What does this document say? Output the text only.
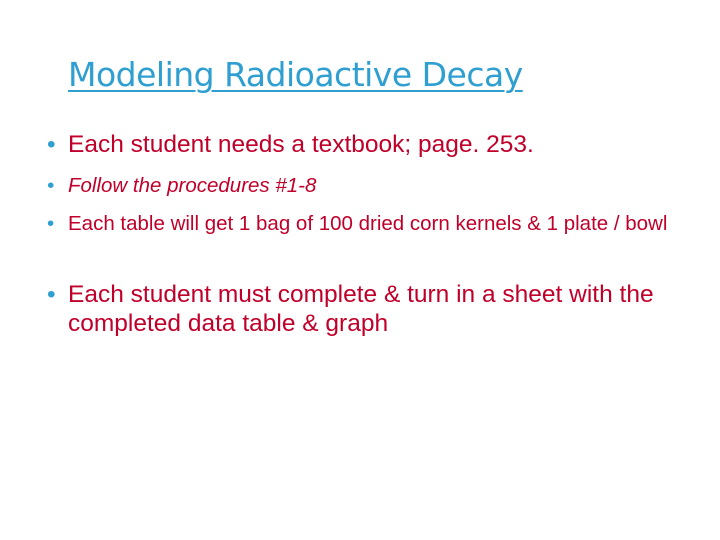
Modeling Radioactive Decay
• Each student needs a textbook; page. 253.
• Follow the procedures #1-8
• Each table will get 1 bag of 100 dried corn kernels & 1 plate / bowl
• Each student must complete & turn in a sheet with the completed data table & graph
